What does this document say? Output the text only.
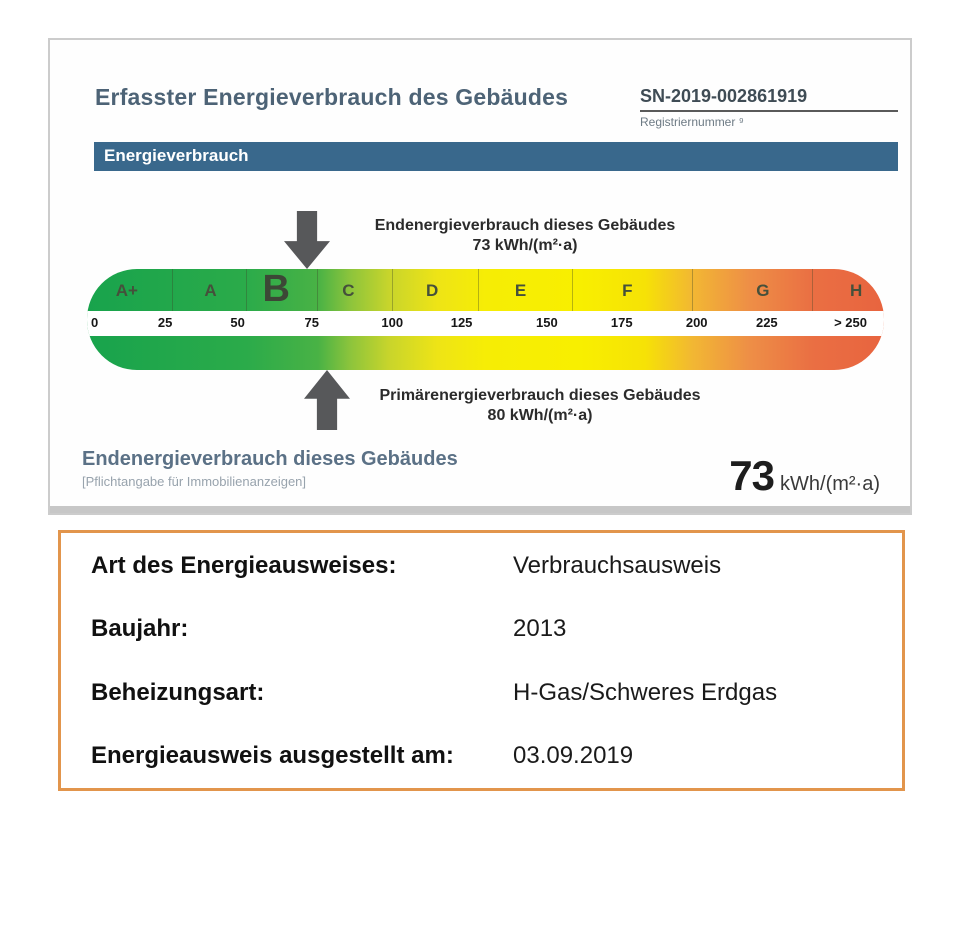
Erfasster Energieverbrauch des Gebäudes	SN-2019-002861919
Registriernummer ⁹
Energieverbrauch
Endenergieverbrauch dieses Gebäudes
73 kWh/(m²·a)
A+	A B	C	D	E	F	G	H
0	25	50	75	100	125	150	175	200	225	> 250
Primärenergieverbrauch dieses Gebäudes
80 kWh/(m²·a)
Endenergieverbrauch dieses Gebäudes
[Pflichtangabe für Immobilienanzeigen]	73 kWh/(m²·a)
Art des Energieausweises:	Verbrauchsausweis
Baujahr:	2013
Beheizungsart:	H-Gas/Schweres Erdgas
Energieausweis ausgestellt am:	03.09.2019
